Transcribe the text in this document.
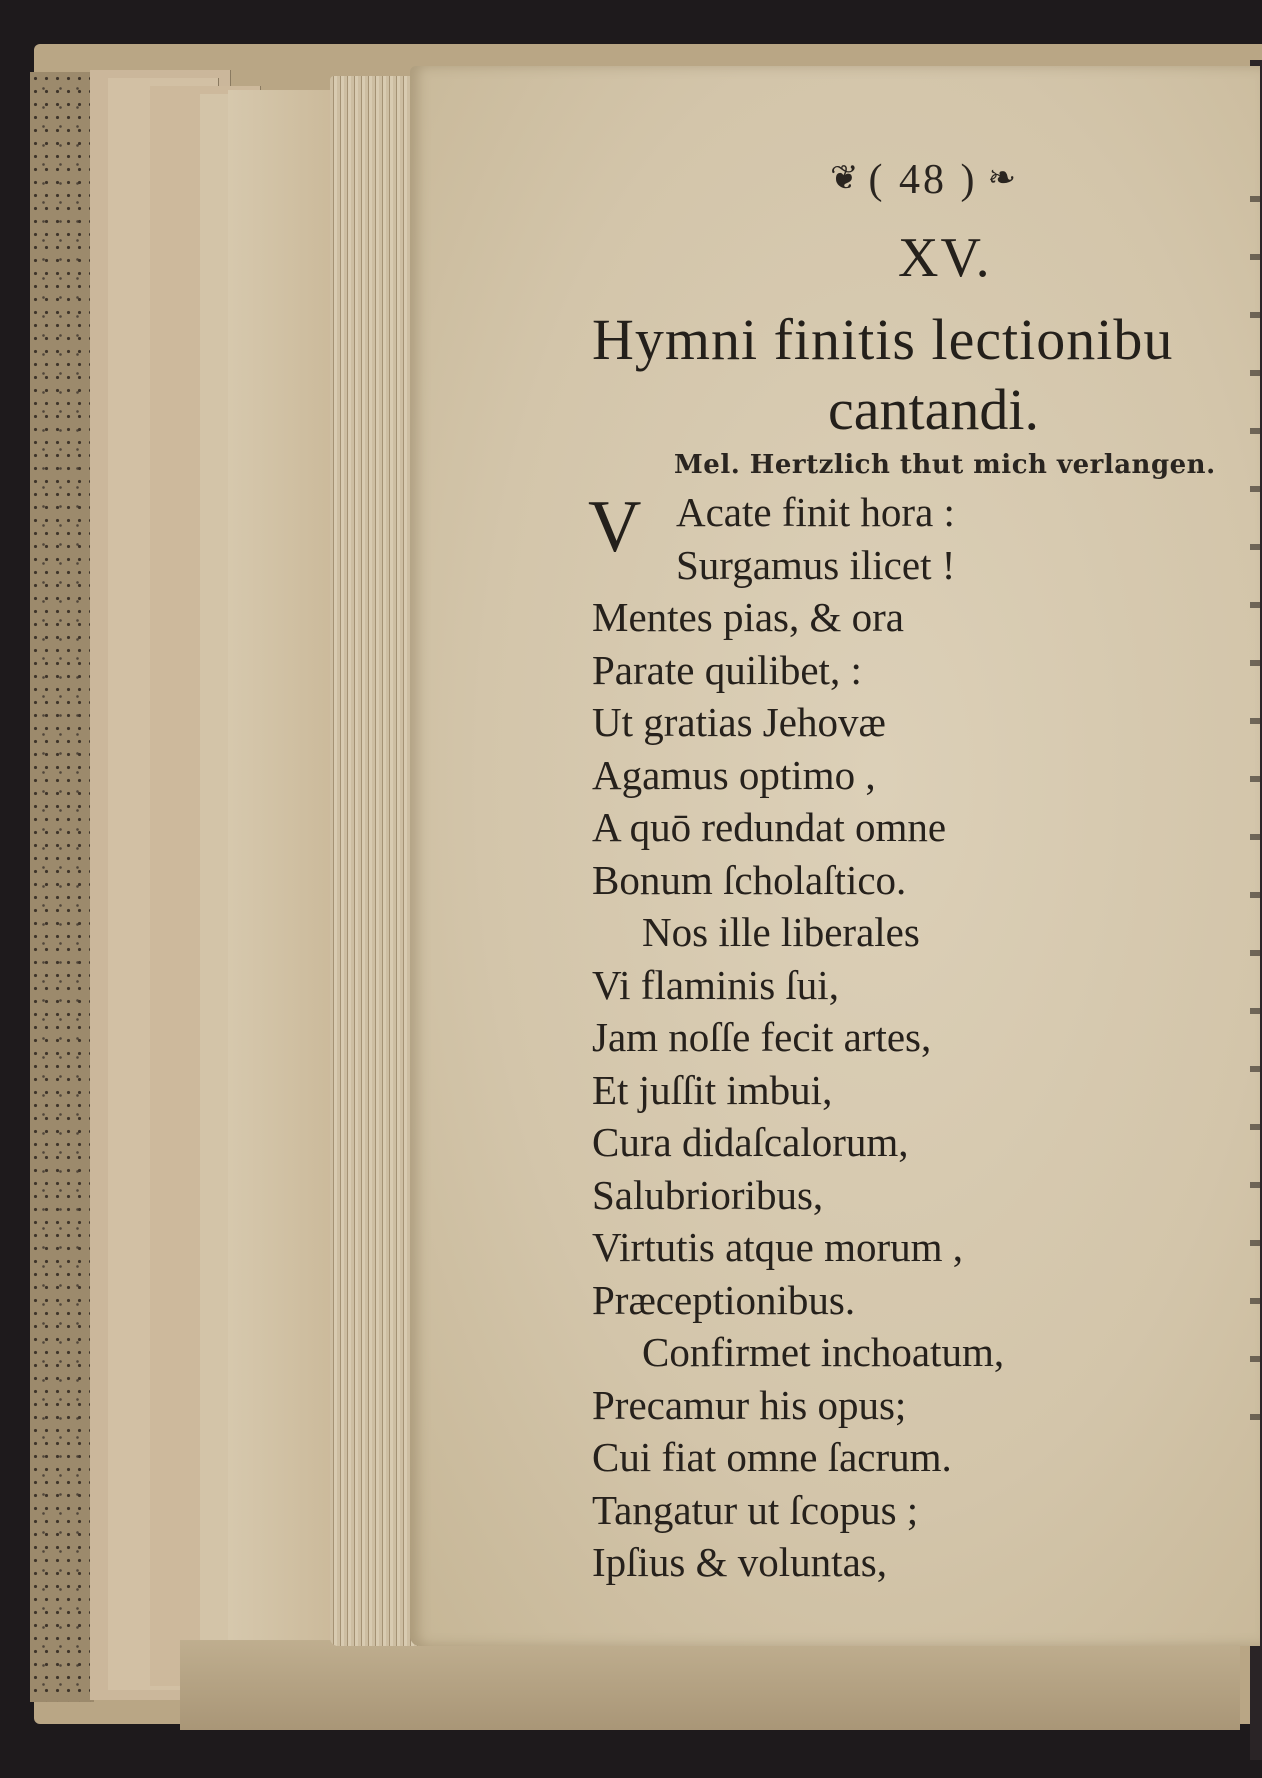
❦ ( 48 ) ❧
XV.
Hymni finitis lectionibu
cantandi.
Mel. Hertzlich thut mich verlangen.
V Acate finit hora :
Surgamus ilicet !
Mentes pias, & ora
Parate quilibet, :
Ut gratias Jehovæ
Agamus optimo ,
A quō redundat omne
Bonum ſcholaſtico.
Nos ille liberales
Vi flaminis ſui,
Jam noſſe fecit artes,
Et juſſit imbui,
Cura didaſcalorum,
Salubrioribus,
Virtutis atque morum ,
Præceptionibus.
Confirmet inchoatum,
Precamur his opus;
Cui fiat omne ſacrum.
Tangatur ut ſcopus ;
Ipſius & voluntas,
